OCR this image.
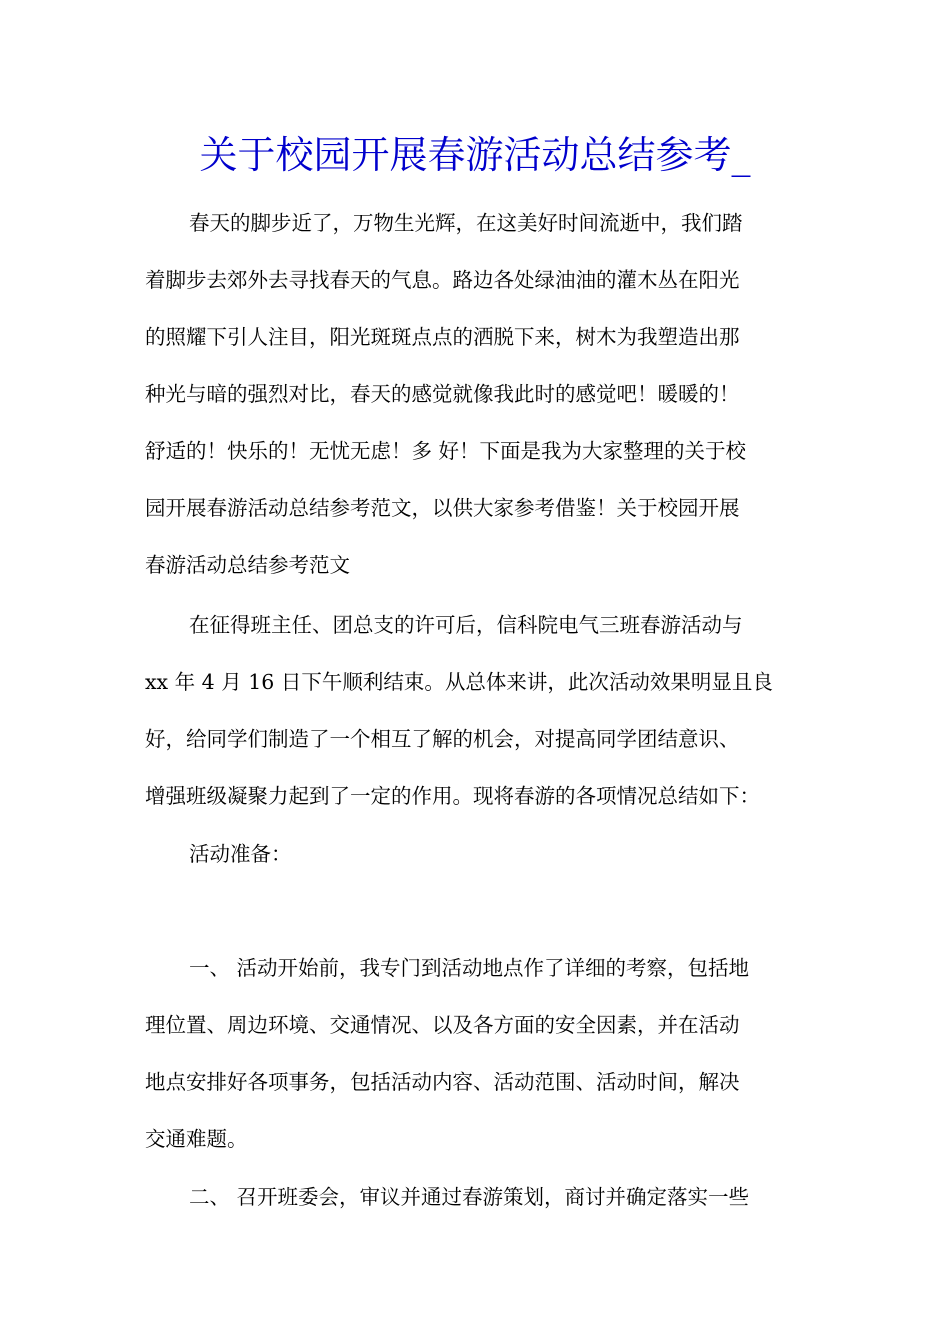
关于校园开展春游活动总结参考_

春天的脚步近了，万物生光辉，在这美好时间流逝中，我们踏
着脚步去郊外去寻找春天的气息。路边各处绿油油的灌木丛在阳光
的照耀下引人注目，阳光斑斑点点的洒脱下来，树木为我塑造出那
种光与暗的强烈对比，春天的感觉就像我此时的感觉吧！暖暖的！
舒适的！快乐的！无忧无虑！多 好！下面是我为大家整理的关于校
园开展春游活动总结参考范文，以供大家参考借鉴！关于校园开展
春游活动总结参考范文

在征得班主任、团总支的许可后，信科院电气三班春游活动与
xx 年 4 月 16 日下午顺利结束。从总体来讲，此次活动效果明显且良
好，给同学们制造了一个相互了解的机会，对提高同学团结意识、
增强班级凝聚力起到了一定的作用。现将春游的各项情况总结如下：

活动准备：

一、 活动开始前，我专门到活动地点作了详细的考察，包括地
理位置、周边环境、交通情况、以及各方面的安全因素，并在活动
地点安排好各项事务，包括活动内容、活动范围、活动时间，解决
交通难题。

二、 召开班委会，审议并通过春游策划，商讨并确定落实一些
